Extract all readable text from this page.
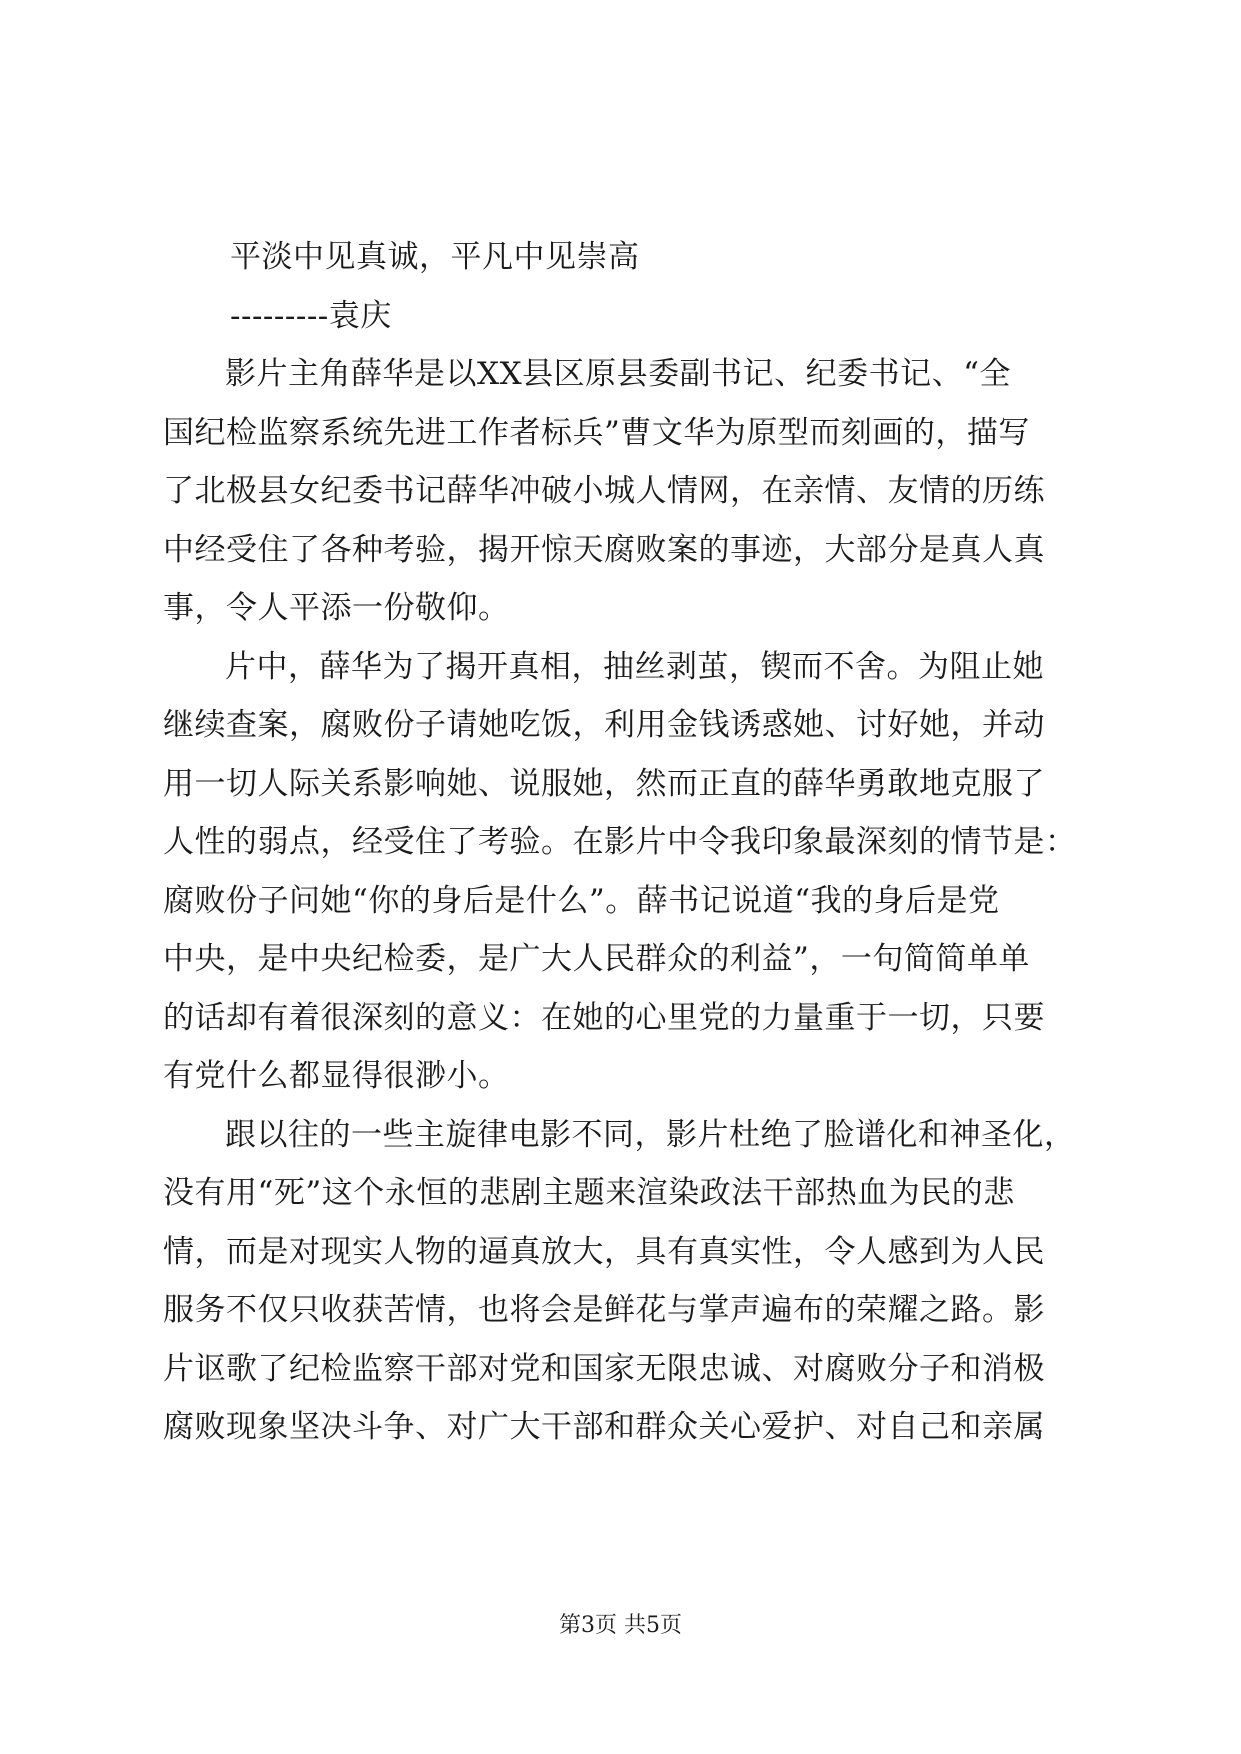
平淡中见真诚，平凡中见崇高
---------袁庆
影片主角薛华是以XX县区原县委副书记、纪委书记、“全
国纪检监察系统先进工作者标兵”曹文华为原型而刻画的，描写
了北极县女纪委书记薛华冲破小城人情网，在亲情、友情的历练
中经受住了各种考验，揭开惊天腐败案的事迹，大部分是真人真
事，令人平添一份敬仰。
片中，薛华为了揭开真相，抽丝剥茧，锲而不舍。为阻止她
继续查案，腐败份子请她吃饭，利用金钱诱惑她、讨好她，并动
用一切人际关系影响她、说服她，然而正直的薛华勇敢地克服了
人性的弱点，经受住了考验。在影片中令我印象最深刻的情节是：
腐败份子问她“你的身后是什么”。薛书记说道“我的身后是党
中央，是中央纪检委，是广大人民群众的利益”，一句简简单单
的话却有着很深刻的意义：在她的心里党的力量重于一切，只要
有党什么都显得很渺小。
跟以往的一些主旋律电影不同，影片杜绝了脸谱化和神圣化，
没有用“死”这个永恒的悲剧主题来渲染政法干部热血为民的悲
情，而是对现实人物的逼真放大，具有真实性，令人感到为人民
服务不仅只收获苦情，也将会是鲜花与掌声遍布的荣耀之路。影
片讴歌了纪检监察干部对党和国家无限忠诚、对腐败分子和消极
腐败现象坚决斗争、对广大干部和群众关心爱护、对自己和亲属
第3页 共5页
